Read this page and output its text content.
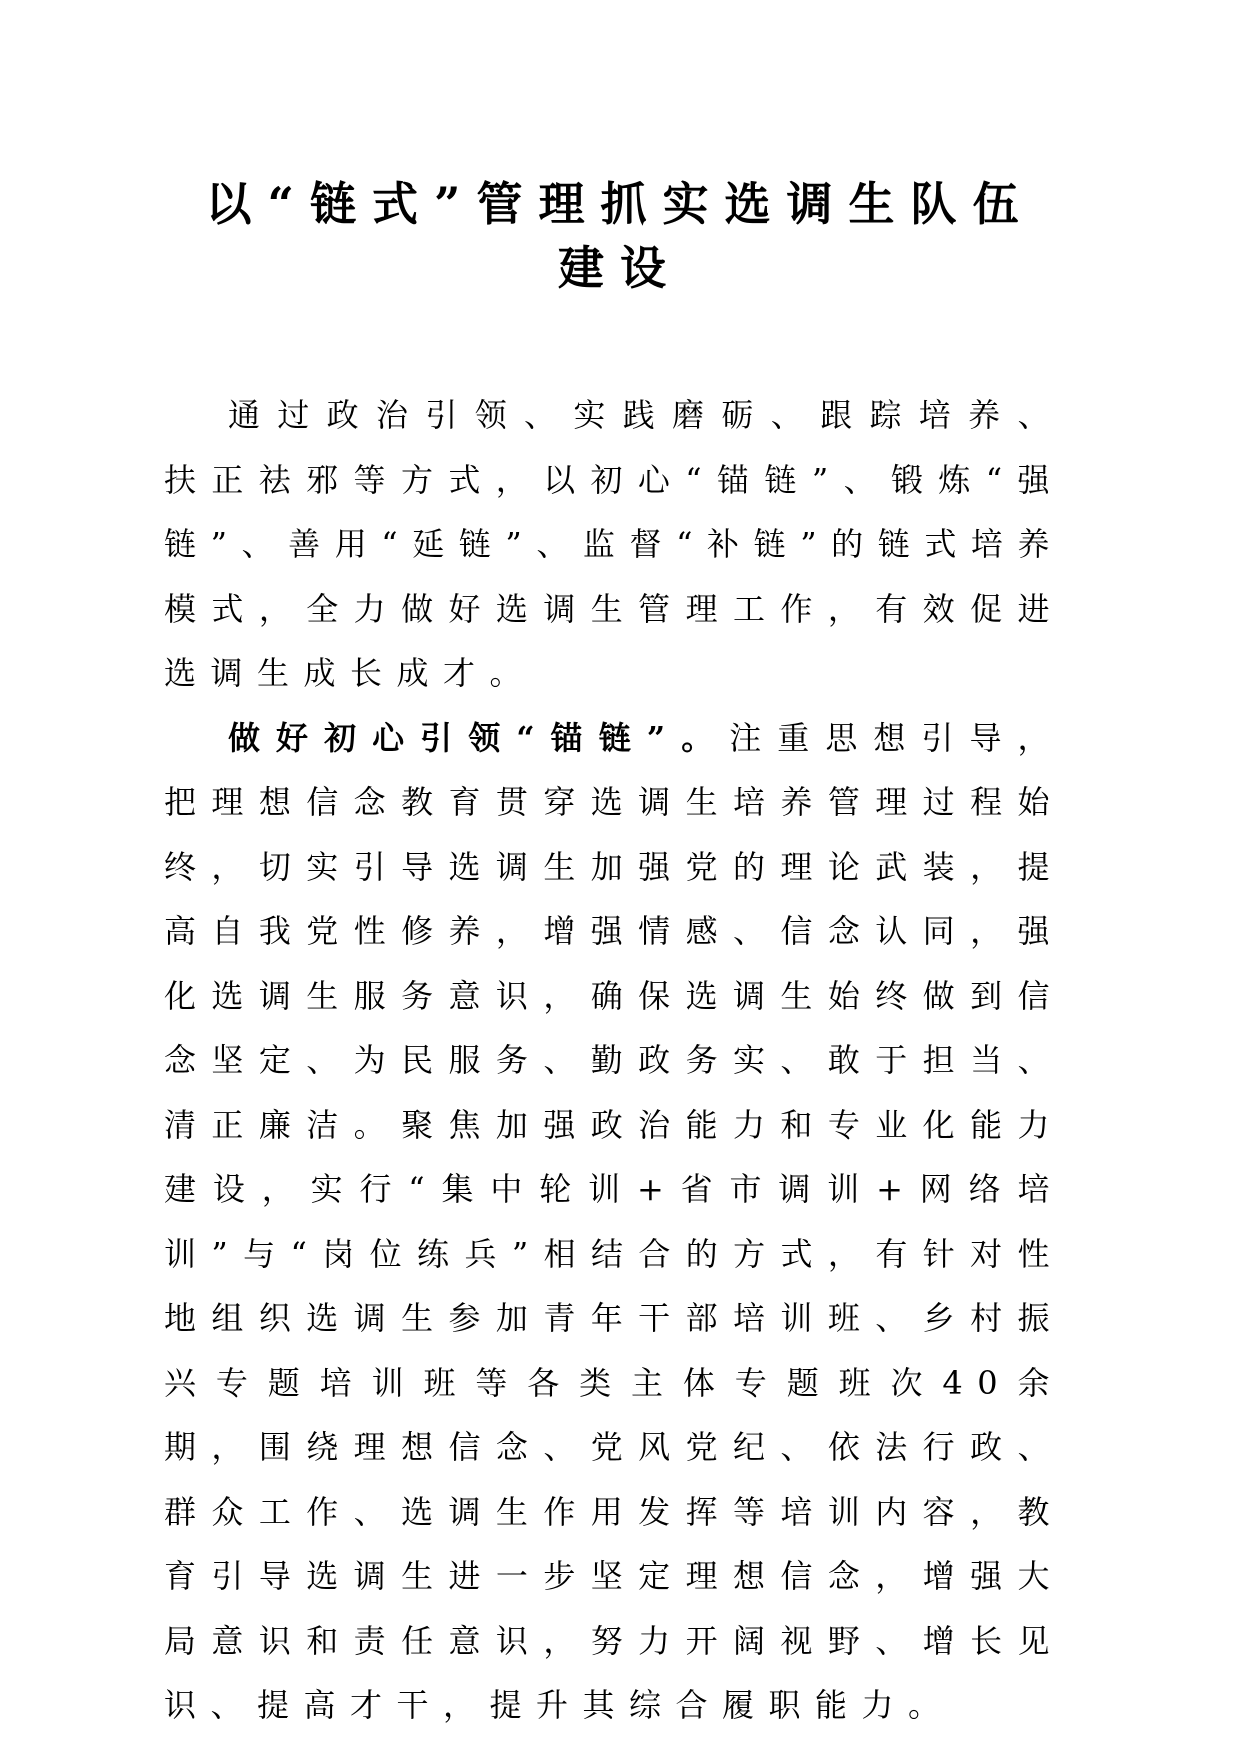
以“链式”管理抓实选调生队伍
建设

通过政治引领、实践磨砺、跟踪培养、扶正祛邪等方式，以初心“锚链”、锻炼“强链”、善用“延链”、监督“补链”的链式培养模式，全力做好选调生管理工作，有效促进选调生成长成才。

做好初心引领“锚链”。注重思想引导，把理想信念教育贯穿选调生培养管理过程始终，切实引导选调生加强党的理论武装，提高自我党性修养，增强情感、信念认同，强化选调生服务意识，确保选调生始终做到信念坚定、为民服务、勤政务实、敢于担当、清正廉洁。聚焦加强政治能力和专业化能力建设，实行“集中轮训+省市调训+网络培训”与“岗位练兵”相结合的方式，有针对性地组织选调生参加青年干部培训班、乡村振兴专题培训班等各类主体专题班次40余期，围绕理想信念、党风党纪、依法行政、群众工作、选调生作用发挥等培训内容，教育引导选调生进一步坚定理想信念，增强大局意识和责任意识，努力开阔视野、增长见识、提高才干，提升其综合履职能力。
